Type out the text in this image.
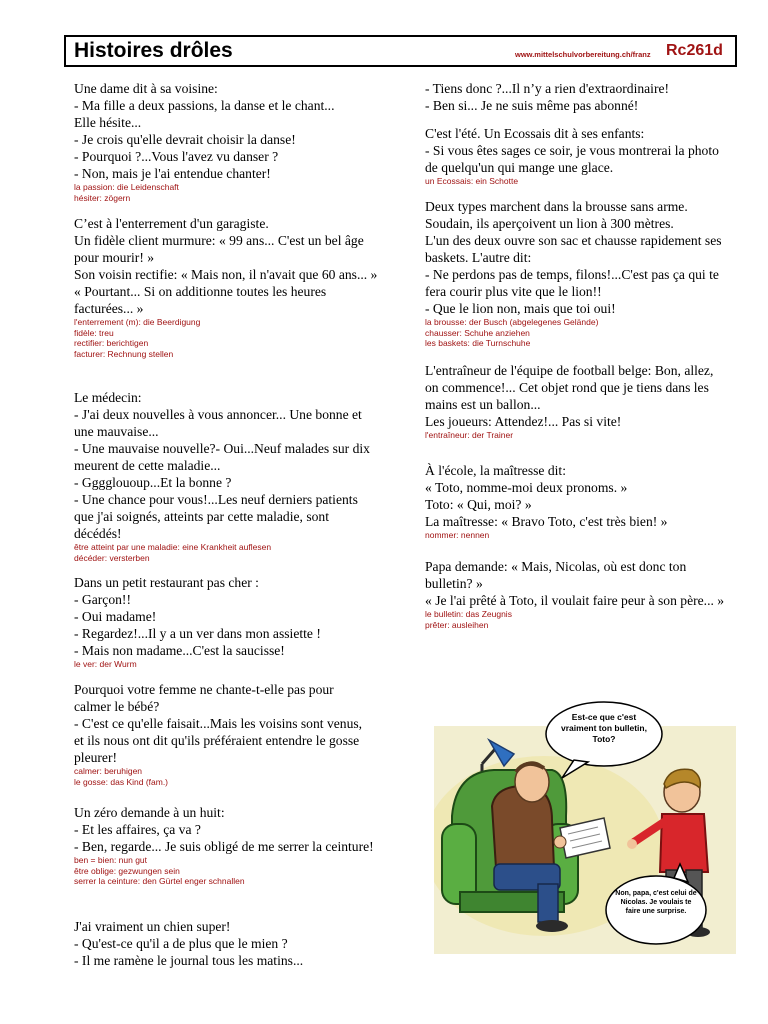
Histoires drôles	www.mittelschulvorbereitung.ch/franz Rc261d
Une dame dit à sa voisine:
- Ma fille a deux passions, la danse et le chant...
Elle hésite...
- Je crois qu'elle devrait choisir la danse!
- Pourquoi ?...Vous l'avez vu danser ?
- Non, mais je l'ai entendue chanter!
la passion: die Leidenschaft
hésiter: zögern
C’est à l'enterrement d'un garagiste.
Un fidèle client murmure: « 99 ans... C'est un bel âge pour mourir! »
Son voisin rectifie: « Mais non, il n'avait que 60 ans... »
« Pourtant... Si on additionne toutes les heures facturées... »
l'enterrement (m): die Beerdigung
fidèle: treu
rectifier: berichtigen
facturer: Rechnung stellen
Le médecin:
- J'ai deux nouvelles à vous annoncer... Une bonne et une mauvaise...
- Une mauvaise nouvelle?- Oui...Neuf malades sur dix meurent de cette maladie...
- Gggglououp...Et la bonne ?
- Une chance pour vous!...Les neuf derniers patients que j'ai soignés, atteints par cette maladie, sont décédés!
être atteint par une maladie: eine Krankheit auflesen
décéder: versterben
Dans un petit restaurant pas cher :
- Garçon!!
- Oui madame!
- Regardez!...Il y a un ver dans mon assiette !
- Mais non madame...C'est la saucisse!
le ver: der Wurm
Pourquoi votre femme ne chante-t-elle pas pour calmer le bébé?
- C'est ce qu'elle faisait...Mais les voisins sont venus, et ils nous ont dit qu'ils préféraient entendre le gosse pleurer!
calmer: beruhigen
le gosse: das Kind (fam.)
Un zéro demande à un huit:
- Et les affaires, ça va ?
- Ben, regarde... Je suis obligé de me serrer la ceinture!
ben = bien: nun gut
être oblige: gezwungen sein
serrer la ceinture: den Gürtel enger schnallen
J'ai vraiment un chien super!
- Qu'est-ce qu'il a de plus que le mien ?
- Il me ramène le journal tous les matins...
- Tiens donc ?...Il n’y a rien d'extraordinaire!
- Ben si... Je ne suis même pas abonné!
C'est l'été. Un Ecossais dit à ses enfants:
- Si vous êtes sages ce soir, je vous montrerai la photo de quelqu'un qui mange une glace.
un Ecossais: ein Schotte
Deux types marchent dans la brousse sans arme. Soudain, ils aperçoivent un lion à 300 mètres.
L'un des deux ouvre son sac et chausse rapidement ses baskets. L'autre dit:
- Ne perdons pas de temps, filons!...C'est pas ça qui te fera courir plus vite que le lion!!
- Que le lion non, mais que toi oui!
la brousse: der Busch (abgelegenes Gelände)
chausser: Schuhe anziehen
les baskets: die Turnschuhe
L'entraîneur de l'équipe de football belge: Bon, allez, on commence!... Cet objet rond que je tiens dans les mains est un ballon...
Les joueurs: Attendez!... Pas si vite!
l'entraîneur: der Trainer
À l'école, la maîtresse dit:
« Toto, nomme-moi deux pronoms. »
Toto: « Qui, moi? »
La maîtresse: « Bravo Toto, c'est très bien! »
nommer: nennen
Papa demande: « Mais, Nicolas, où est donc ton bulletin? »
« Je l'ai prêté à Toto, il voulait faire peur à son père... »
le bulletin: das Zeugnis
prêter: ausleihen
Est-ce que c'est vraiment ton bulletin, Toto?
Non, papa, c'est celui de Nicolas. Je voulais te faire une surprise.
